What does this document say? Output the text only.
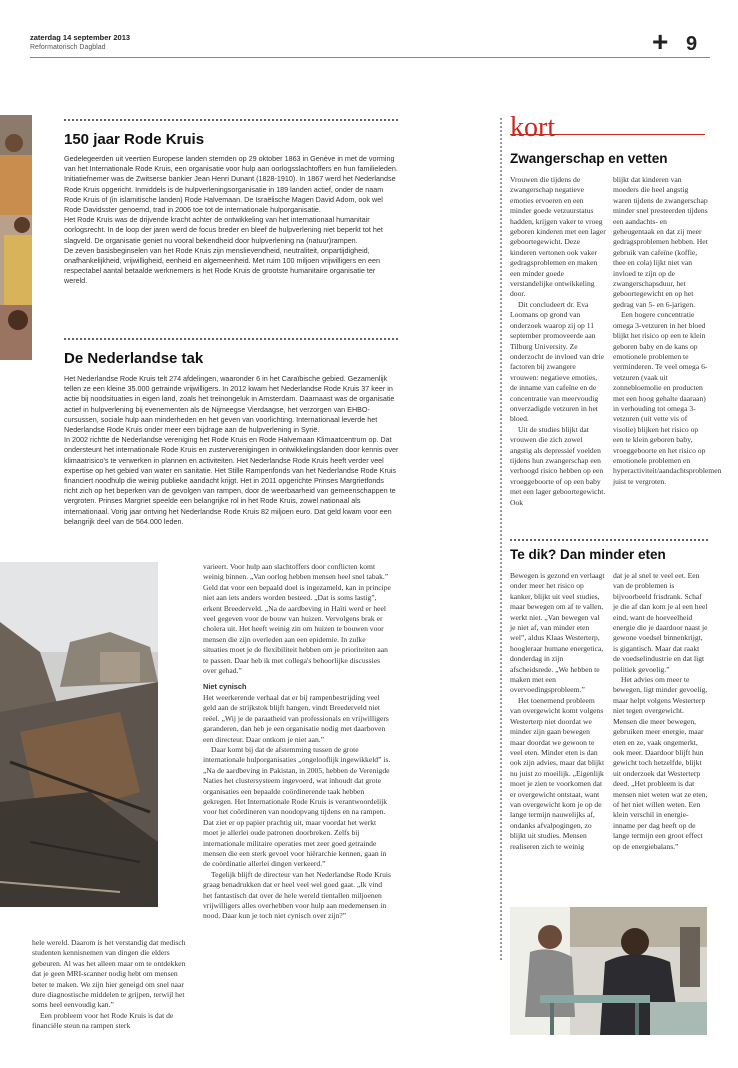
zaterdag 14 september 2013
Reformatorisch Dagblad	+ 9
150 jaar Rode Kruis

Gedelegeerden uit veertien Europese landen stemden op 29 oktober 1863 in Genève in met de vorming van het Internationale Rode Kruis, een organisatie voor hulp aan oorlogsslachtoffers en hun familieleden. Initiatiefnemer was de Zwitserse bankier Jean Henri Dunant (1828-1910). In 1867 werd het Nederlandse Rode Kruis opgericht. Inmiddels is de hulpverleningsorganisatie in 189 landen actief, onder de naam Rode Kruis of (in islamitische landen) Rode Halvemaan. De Israëlische Magen David Adom, ook wel Rode Davidsster genoemd, trad in 2006 toe tot de internationale hulporganisatie.

Het Rode Kruis was de drijvende kracht achter de ontwikkeling van het internationaal humanitair oorlogsrecht. In de loop der jaren werd de focus breder en bleef de hulpverlening niet beperkt tot het slagveld. De organisatie geniet nu vooral bekendheid door hulpverlening na (natuur)rampen.

De zeven basisbeginselen van het Rode Kruis zijn menslievendheid, neutraliteit, onpartijdigheid, onafhankelijkheid, vrijwilligheid, eenheid en algemeenheid. Met ruim 100 miljoen vrijwilligers en een respectabel aantal betaalde werknemers is het Rode Kruis de grootste humanitaire organisatie ter wereld.

De Nederlandse tak

Het Nederlandse Rode Kruis telt 274 afdelingen, waaronder 6 in het Caraïbische gebied. Gezamenlijk tellen ze een kleine 35.000 getrainde vrijwilligers. In 2012 kwam het Nederlandse Rode Kruis 37 keer in actie bij noodsituaties in eigen land, zoals het treinongeluk in Amsterdam. Daarnaast was de organisatie actief in hulpverlening bij evenementen als de Nijmeegse Vierdaagse, het verzorgen van EHBO-cursussen, sociale hulp aan minderheden en het geven van voorlichting. Internationaal leverde het Nederlandse Rode Kruis onder meer een bijdrage aan de hulpverlening in Syrië.

In 2002 richtte de Nederlandse vereniging het Rode Kruis en Rode Halvemaan Klimaatcentrum op. Dat ondersteunt het internationale Rode Kruis en zusterverenigingen in ontwikkelingslanden door kennis over klimaatrisico's te verwerken in plannen en activiteiten. Het Nederlandse Rode Kruis heeft verder veel expertise op het gebied van water en sanitatie. Het Stille Rampenfonds van het Nederlandse Rode Kruis financiert noodhulp die weinig publieke aandacht krijgt. Het in 2011 opgerichte Prinses Margrietfonds richt zich op het beperken van de gevolgen van rampen, door de weerbaarheid van gemeenschappen te vergroten. Prinses Margriet speelde een belangrijke rol in het Rode Kruis, zowel nationaal als internationaal. Vorig jaar ontving het Nederlandse Rode Kruis 82 miljoen euro. Dat geld kwam voor een belangrijk deel van de 564.000 leden.

hele wereld. Daarom is het verstandig dat medisch studenten kennisnemen van dingen die elders gebeuren. Al was het alleen maar om te ontdekken dat je geen MRI-scanner nodig hebt om mensen beter te maken. We zijn hier geneigd om snel naar dure diagnostische middelen te grijpen, terwijl het soms heel eenvoudig kan.”

Een probleem voor het Rode Kruis is dat de financiële steun na rampen sterk

varieert. Voor hulp aan slachtoffers door conflicten komt weinig binnen. „Van oorlog hebben mensen heel snel tabak.” Geld dat voor een bepaald doel is ingezameld, kan in principe niet aan iets anders worden besteed. „Dat is soms lastig”, erkent Breederveld. „Na de aardbeving in Haïti werd er heel veel gegeven voor de bouw van huizen. Vervolgens brak er cholera uit. Het heeft weinig zin om huizen te bouwen voor mensen die zijn overleden aan een epidemie. In zulke situaties moet je de flexibiliteit hebben om je prioriteiten aan te passen. Daar heb ik met collega's behoorlijke discussies over gehad.”

Niet cynisch

Het weerkerende verhaal dat er bij rampenbestrijding veel geld aan de strijkstok blijft hangen, vindt Breederveld niet reëel. „Wij je de paraatheid van professionals en vrijwilligers garanderen, dan heb je een organisatie nodig met daarboven een directeur. Daar ontkom je niet aan.”

Daar komt bij dat de afstemming tussen de grote internationale hulporganisaties „ongelooflijk ingewikkeld” is. „Na de aardbeving in Pakistan, in 2005, hebben de Verenigde Naties het clustersysteem ingevoerd, wat inhoudt dat grote organisaties een bepaalde coördinerende taak hebben gekregen. Het Internationale Rode Kruis is verantwoordelijk voor het coördineren van noodopvang tijdens en na rampen. Dat ziet er op papier prachtig uit, maar voordat het werkt moet je allerlei oude patronen doorbreken. Zelfs bij internationale militaire operaties met zeer goed getrainde mensen die een sterk gevoel voor hiërarchie kennen, gaan in de coördinatie allerlei dingen verkeerd.”

Tegelijk blijft de directeur van het Nederlandse Rode Kruis graag benadrukken dat er heel veel wel goed gaat. „Ik vind het fantastisch dat over de hele wereld tientallen miljoenen vrijwilligers alles overhebben voor hulp aan medemensen in nood. Daar kun je toch niet cynisch over zijn?”

kort
Zwangerschap en vetten

Vrouwen die tijdens de zwangerschap negatieve emoties ervoeren en een minder goede vetzuurstatus hadden, krijgen vaker te vroeg geboren kinderen met een lager geboortegewicht. Deze kinderen vertonen ook vaker gedragsproblemen en maken een minder goede verstandelijke ontwikkeling door.

Dit concludeert dr. Eva Loomans op grond van onderzoek waarop zij op 11 september promoveerde aan Tilburg University. Ze onderzocht de invloed van drie factoren bij zwangere vrouwen: negatieve emoties, de inname van cafeïne en de concentratie van meervoudig onverzadigde vetzuren in het bloed.

Uit de studies blijkt dat vrouwen die zich zowel angstig als depressief voelden tijdens hun zwangerschap een verhoogd risico hebben op een vroeggeboorte of op een baby met een lager geboortegewicht. Ook

blijkt dat kinderen van moeders die heel angstig waren tijdens de zwangerschap minder snel presteerden tijdens een aandachts- en geheugentaak en dat zij meer gedragsproblemen hebben. Het gebruik van cafeïne (koffie, thee en cola) lijkt niet van invloed te zijn op de zwangerschapsduur, het geboortegewicht en op het gedrag van 5- en 6-jarigen.

Een hogere concentratie omega 3-vetzuren in het bloed blijkt het risico op een te klein geboren baby en de kans op emotionele problemen te verminderen. Te veel omega 6-vetzuren (vaak uit zonnebloemolie en producten met een hoog gehalte daaraan) in verhouding tot omega 3-vetzuren (uit vette vis of visolie) blijken het risico op een te klein geboren baby, vroeggeboorte en het risico op emotionele problemen en hyperactiviteit/aandachtsproblemen juist te vergroten.

Te dik? Dan minder eten

Bewegen is gezond en verlaagt onder meer het risico op kanker, blijkt uit veel studies, maar bewegen om af te vallen, werkt niet. „Van bewegen val je niet af, van minder eten wel”, aldus Klaas Westerterp, hoogleraar humane energetica, donderdag in zijn afscheidsrede. „We hebben te maken met een overvoedingsprobleem.”

Het toenemend probleem van overgewicht komt volgens Westerterp niet doordat we minder zijn gaan bewegen maar doordat we gewoon te veel eten. Minder eten is dan ook zijn advies, maar dat blijkt nu juist zo moeilijk. „Eigenlijk moet je zien te voorkomen dat er overgewicht ontstaat, want van overgewicht kom je op de lange termijn nauwelijks af, ondanks afvalpogingen, zo blijkt uit studies. Mensen realiseren zich te weinig

dat je al snel te veel eet. Een van de problemen is bijvoorbeeld frisdrank. Schaf je die af dan kom je al een heel eind, want de hoeveelheid energie die je daardoor naast je gewone voedsel binnenkrijgt, is gigantisch. Maar dat raakt de voedselindustrie en dat ligt politiek gevoelig.”

Het advies om meer te bewegen, ligt minder gevoelig, maar helpt volgens Westerterp niet tegen overgewicht. Mensen die meer bewegen, gebruiken meer energie, maar eten en ze, vaak ongemerkt, ook meer. Daardoor blijft hun gewicht toch hetzelfde, blijkt uit onderzoek dat Westerterp deed. „Het probleem is dat mensen niet weten wat ze eten, of het niet willen weten. Een klein verschil in energie-inname per dag heeft op de lange termijn een groot effect op de energiebalans.”
